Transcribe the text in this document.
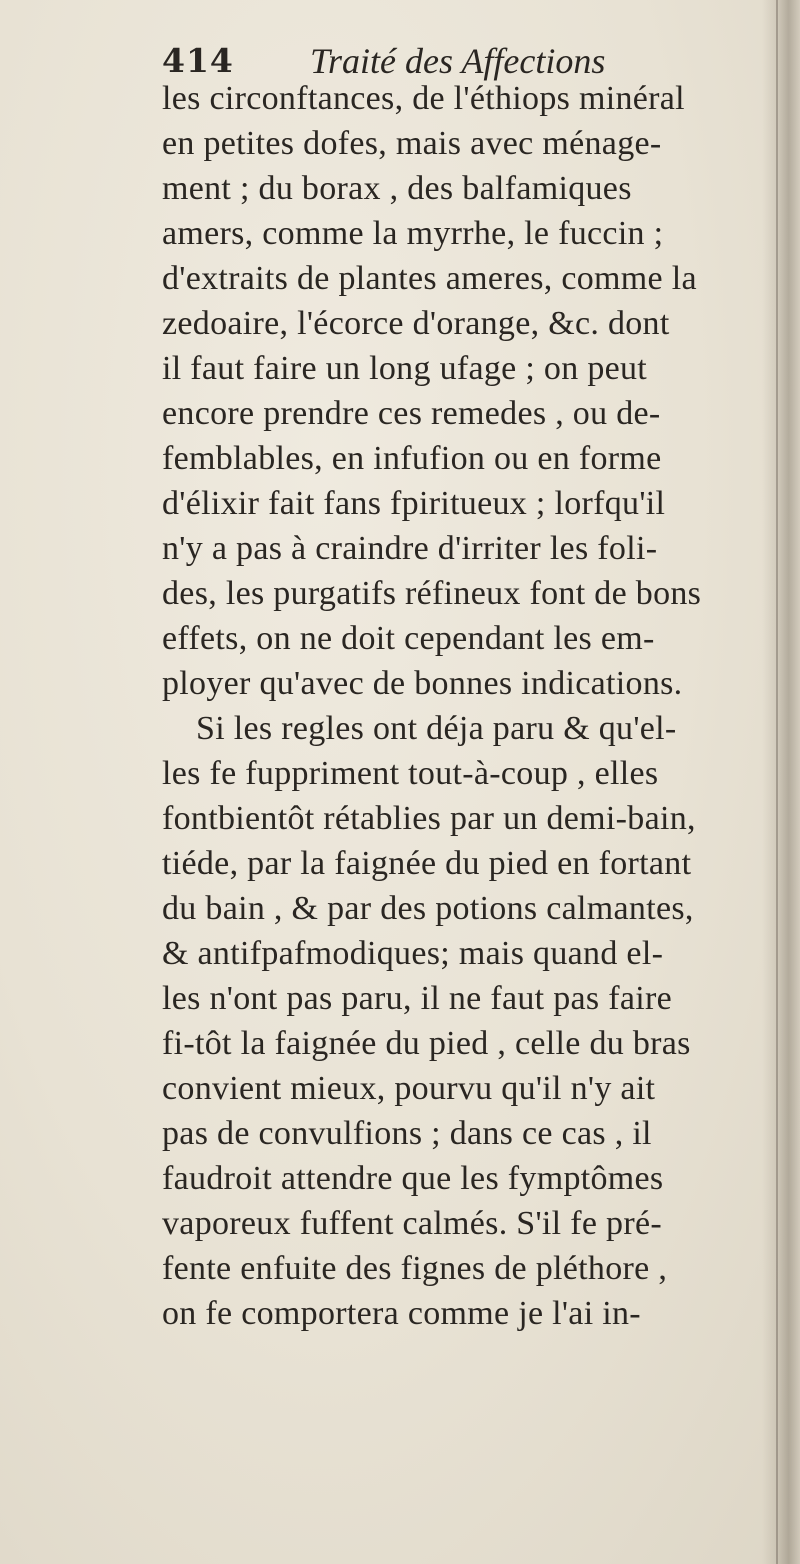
414 Traité des Affections
les circonftances, de l'éthiops minéral
en petites dofes, mais avec ménage-
ment ; du borax , des balfamiques
amers, comme la myrrhe, le fuccin ;
d'extraits de plantes ameres, comme la
zedoaire, l'écorce d'orange, &c. dont
il faut faire un long ufage ; on peut
encore prendre ces remedes , ou de-
femblables, en infufion ou en forme
d'élixir fait fans fpiritueux ; lorfqu'il
n'y a pas à craindre d'irriter les foli-
des, les purgatifs réfineux font de bons
effets, on ne doit cependant les em-
ployer qu'avec de bonnes indications.
Si les regles ont déja paru & qu'el-
les fe fuppriment tout-à-coup , elles
fontbientôt rétablies par un demi-bain,
tiéde, par la faignée du pied en fortant
du bain , & par des potions calmantes,
& antifpafmodiques; mais quand el-
les n'ont pas paru, il ne faut pas faire
fi-tôt la faignée du pied , celle du bras
convient mieux, pourvu qu'il n'y ait
pas de convulfions ; dans ce cas , il
faudroit attendre que les fymptômes
vaporeux fuffent calmés. S'il fe pré-
fente enfuite des fignes de pléthore ,
on fe comportera comme je l'ai in-
